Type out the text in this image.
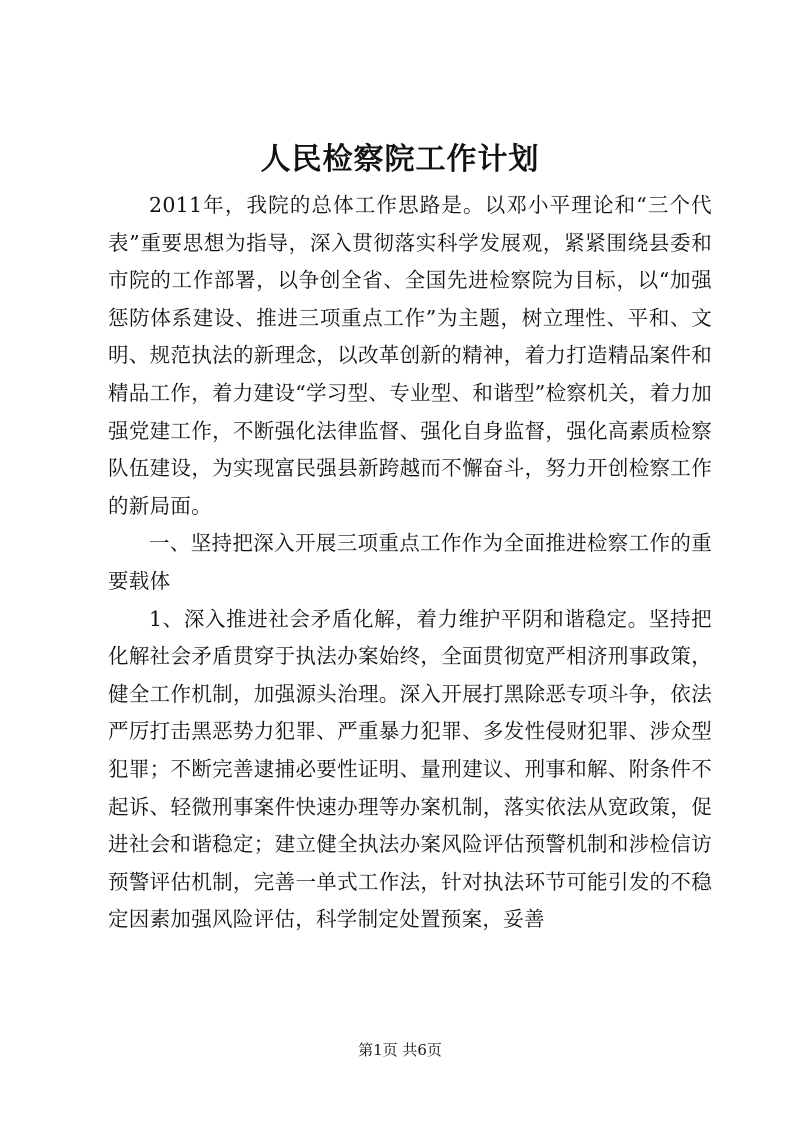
人民检察院工作计划

2011年，我院的总体工作思路是。以邓小平理论和“三个代表”重要思想为指导，深入贯彻落实科学发展观，紧紧围绕县委和市院的工作部署，以争创全省、全国先进检察院为目标，以“加强惩防体系建设、推进三项重点工作”为主题，树立理性、平和、文明、规范执法的新理念，以改革创新的精神，着力打造精品案件和精品工作，着力建设“学习型、专业型、和谐型”检察机关，着力加强党建工作，不断强化法律监督、强化自身监督，强化高素质检察队伍建设，为实现富民强县新跨越而不懈奋斗，努力开创检察工作的新局面。

一、坚持把深入开展三项重点工作作为全面推进检察工作的重要载体

1、深入推进社会矛盾化解，着力维护平阴和谐稳定。坚持把化解社会矛盾贯穿于执法办案始终，全面贯彻宽严相济刑事政策，健全工作机制，加强源头治理。深入开展打黑除恶专项斗争，依法严厉打击黑恶势力犯罪、严重暴力犯罪、多发性侵财犯罪、涉众型犯罪；不断完善逮捕必要性证明、量刑建议、刑事和解、附条件不起诉、轻微刑事案件快速办理等办案机制，落实依法从宽政策，促进社会和谐稳定；建立健全执法办案风险评估预警机制和涉检信访预警评估机制，完善一单式工作法，针对执法环节可能引发的不稳定因素加强风险评估，科学制定处置预案，妥善

第1页 共6页
